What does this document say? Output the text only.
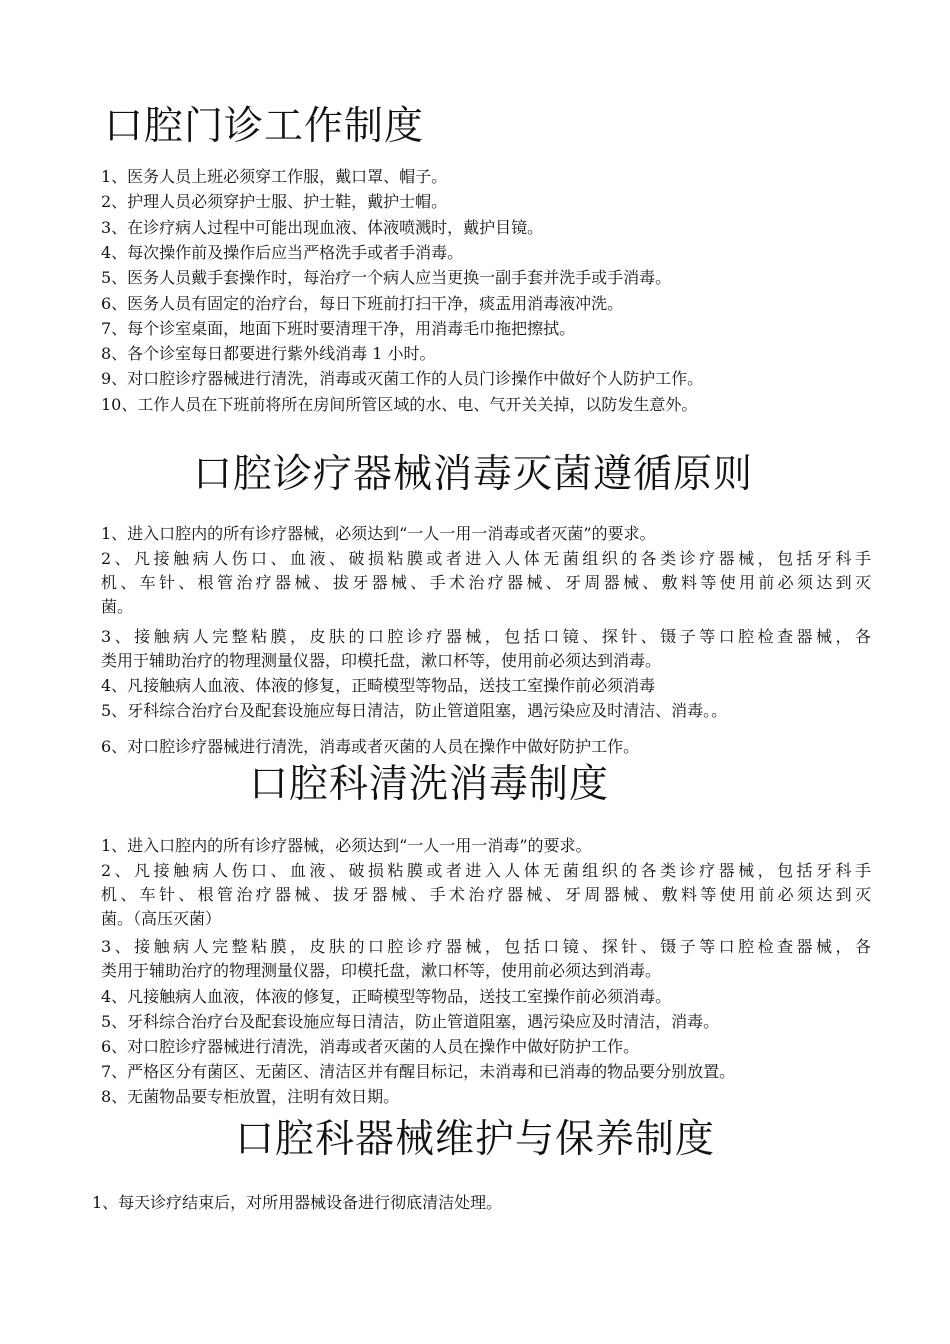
口腔门诊工作制度
1、医务人员上班必须穿工作服，戴口罩、帽子。
2、护理人员必须穿护士服、护士鞋，戴护士帽。
3、在诊疗病人过程中可能出现血液、体液喷溅时，戴护目镜。
4、每次操作前及操作后应当严格洗手或者手消毒。
5、医务人员戴手套操作时，每治疗一个病人应当更换一副手套并洗手或手消毒。
6、医务人员有固定的治疗台，每日下班前打扫干净，痰盂用消毒液冲洗。
7、每个诊室桌面，地面下班时要清理干净，用消毒毛巾拖把擦拭。
8、各个诊室每日都要进行紫外线消毒 1 小时。
9、对口腔诊疗器械进行清洗，消毒或灭菌工作的人员门诊操作中做好个人防护工作。
10、工作人员在下班前将所在房间所管区域的水、电、气开关关掉，以防发生意外。
口腔诊疗器械消毒灭菌遵循原则
1、进入口腔内的所有诊疗器械，必须达到“一人一用一消毒或者灭菌”的要求。
2、凡接触病人伤口、血液、破损粘膜或者进入人体无菌组织的各类诊疗器械，包括牙科手
机、车针、根管治疗器械、拔牙器械、手术治疗器械、牙周器械、敷料等使用前必须达到灭
菌。
3、接触病人完整粘膜，皮肤的口腔诊疗器械，包括口镜、探针、镊子等口腔检查器械，各
类用于辅助治疗的物理测量仪器，印模托盘，漱口杯等，使用前必须达到消毒。
4、凡接触病人血液、体液的修复，正畸模型等物品，送技工室操作前必须消毒
5、牙科综合治疗台及配套设施应每日清洁，防止管道阻塞，遇污染应及时清洁、消毒。。
6、对口腔诊疗器械进行清洗，消毒或者灭菌的人员在操作中做好防护工作。
口腔科清洗消毒制度
1、进入口腔内的所有诊疗器械，必须达到“一人一用一消毒”的要求。
2、凡接触病人伤口、血液、破损粘膜或者进入人体无菌组织的各类诊疗器械，包括牙科手
机、车针、根管治疗器械、拔牙器械、手术治疗器械、牙周器械、敷料等使用前必须达到灭
菌。（高压灭菌）
3、接触病人完整粘膜，皮肤的口腔诊疗器械，包括口镜、探针、镊子等口腔检查器械，各
类用于辅助治疗的物理测量仪器，印模托盘，漱口杯等，使用前必须达到消毒。
4、凡接触病人血液，体液的修复，正畸模型等物品，送技工室操作前必须消毒。
5、牙科综合治疗台及配套设施应每日清洁，防止管道阻塞，遇污染应及时清洁，消毒。
6、对口腔诊疗器械进行清洗，消毒或者灭菌的人员在操作中做好防护工作。
7、严格区分有菌区、无菌区、清洁区并有醒目标记，未消毒和已消毒的物品要分别放置。
8、无菌物品要专柜放置，注明有效日期。
口腔科器械维护与保养制度
1、每天诊疗结束后，对所用器械设备进行彻底清洁处理。
